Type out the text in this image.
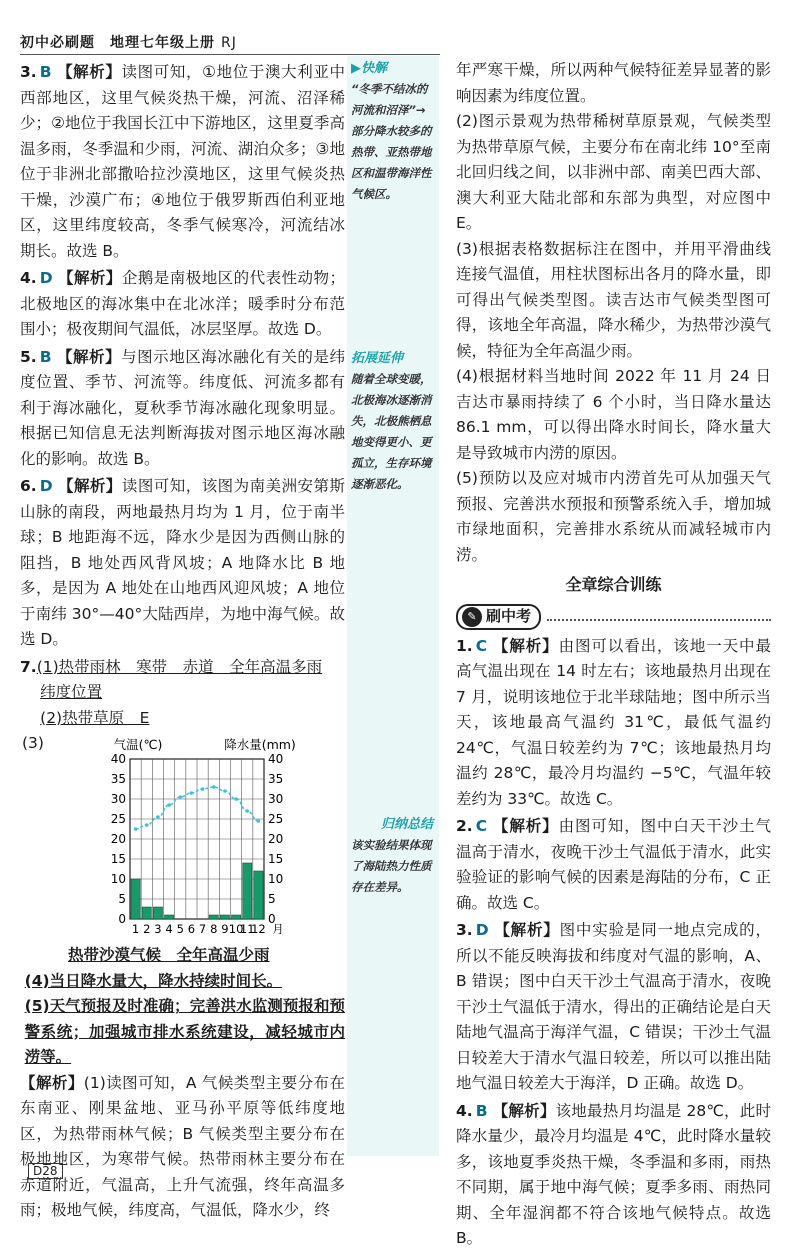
初中必刷题　地理七年级上册 RJ

3. B 【解析】读图可知，①地位于澳大利亚中西部地区，这里气候炎热干燥，河流、沼泽稀少；②地位于我国长江中下游地区，这里夏季高温多雨，冬季温和少雨，河流、湖泊众多；③地位于非洲北部撒哈拉沙漠地区，这里气候炎热干燥，沙漠广布；④地位于俄罗斯西伯利亚地区，这里纬度较高，冬季气候寒冷，河流结冰期长。故选 B。

4. D 【解析】企鹅是南极地区的代表性动物；北极地区的海冰集中在北冰洋；暖季时分布范围小；极夜期间气温低，冰层坚厚。故选 D。

5. B 【解析】与图示地区海冰融化有关的是纬度位置、季节、河流等。纬度低、河流多都有利于海冰融化，夏秋季节海冰融化现象明显。根据已知信息无法判断海拔对图示地区海冰融化的影响。故选 B。

6. D 【解析】读图可知，该图为南美洲安第斯山脉的南段，两地最热月均为 1 月，位于南半球；B 地距海不远，降水少是因为西侧山脉的阻挡，B 地处西风背风坡；A 地降水比 B 地多，是因为 A 地处在山地西风迎风坡；A 地位于南纬 30°—40°大陆西岸，为地中海气候。故选 D。

7.(1)热带雨林　寒带　赤道　全年高温多雨

纬度位置

(2)热带草原　E

(3)	气温(℃)	降水量(mm)
0	0
5	5
10	10
15	15
20	20
25	25
30	30
35	35
40	40
1 2 3 4 5 6 7 8 9 10
11
12 月

热带沙漠气候　全年高温少雨

(4)当日降水量大，降水持续时间长。

(5)天气预报及时准确；完善洪水监测预报和预警系统；加强城市排水系统建设，减轻城市内涝等。

【解析】(1)读图可知，A 气候类型主要分布在东南亚、刚果盆地、亚马孙平原等低纬度地区，为热带雨林气候；B 气候类型主要分布在极地地区，为寒带气候。热带雨林主要分布在赤道附近，气温高，上升气流强，终年高温多雨；极地气候，纬度高，气温低，降水少，终

▶快解
“冬季不结冰的河流和沼泽”→部分降水较多的热带、亚热带地区和温带海洋性气候区。
拓展延伸
随着全球变暖，北极海冰逐渐消失，北极熊栖息地变得更小、更孤立，生存环境逐渐恶化。
归纳总结
该实验结果体现了海陆热力性质存在差异。

年严寒干燥，所以两种气候特征差异显著的影响因素为纬度位置。

(2)图示景观为热带稀树草原景观，气候类型为热带草原气候，主要分布在南北纬 10°至南北回归线之间，以非洲中部、南美巴西大部、澳大利亚大陆北部和东部为典型，对应图中 E。

(3)根据表格数据标注在图中，并用平滑曲线连接气温值，用柱状图标出各月的降水量，即可得出气候类型图。读吉达市气候类型图可得，该地全年高温，降水稀少，为热带沙漠气候，特征为全年高温少雨。

(4)根据材料当地时间 2022 年 11 月 24 日吉达市暴雨持续了 6 个小时，当日降水量达 86.1 mm，可以得出降水时间长，降水量大是导致城市内涝的原因。

(5)预防以及应对城市内涝首先可从加强天气预报、完善洪水预报和预警系统入手，增加城市绿地面积，完善排水系统从而减轻城市内涝。

全章综合训练
✎ 刷中考

1. C 【解析】由图可以看出，该地一天中最高气温出现在 14 时左右；该地最热月出现在 7 月，说明该地位于北半球陆地；图中所示当天，该地最高气温约 31℃，最低气温约 24℃，气温日较差约为 7℃；该地最热月均温约 28℃，最冷月均温约 −5℃，气温年较差约为 33℃。故选 C。

2. C 【解析】由图可知，图中白天干沙土气温高于清水，夜晚干沙土气温低于清水，此实验验证的影响气候的因素是海陆的分布，C 正确。故选 C。

3. D 【解析】图中实验是同一地点完成的，所以不能反映海拔和纬度对气温的影响，A、B 错误；图中白天干沙土气温高于清水，夜晚干沙土气温低于清水，得出的正确结论是白天陆地气温高于海洋气温，C 错误；干沙土气温日较差大于清水气温日较差，所以可以推出陆地气温日较差大于海洋，D 正确。故选 D。

4. B 【解析】该地最热月均温是 28℃，此时降水量少，最冷月均温是 4℃，此时降水量较多，该地夏季炎热干燥，冬季温和多雨，雨热不同期，属于地中海气候；夏季多雨、雨热同期、全年湿润都不符合该地气候特点。故选 B。

D28
